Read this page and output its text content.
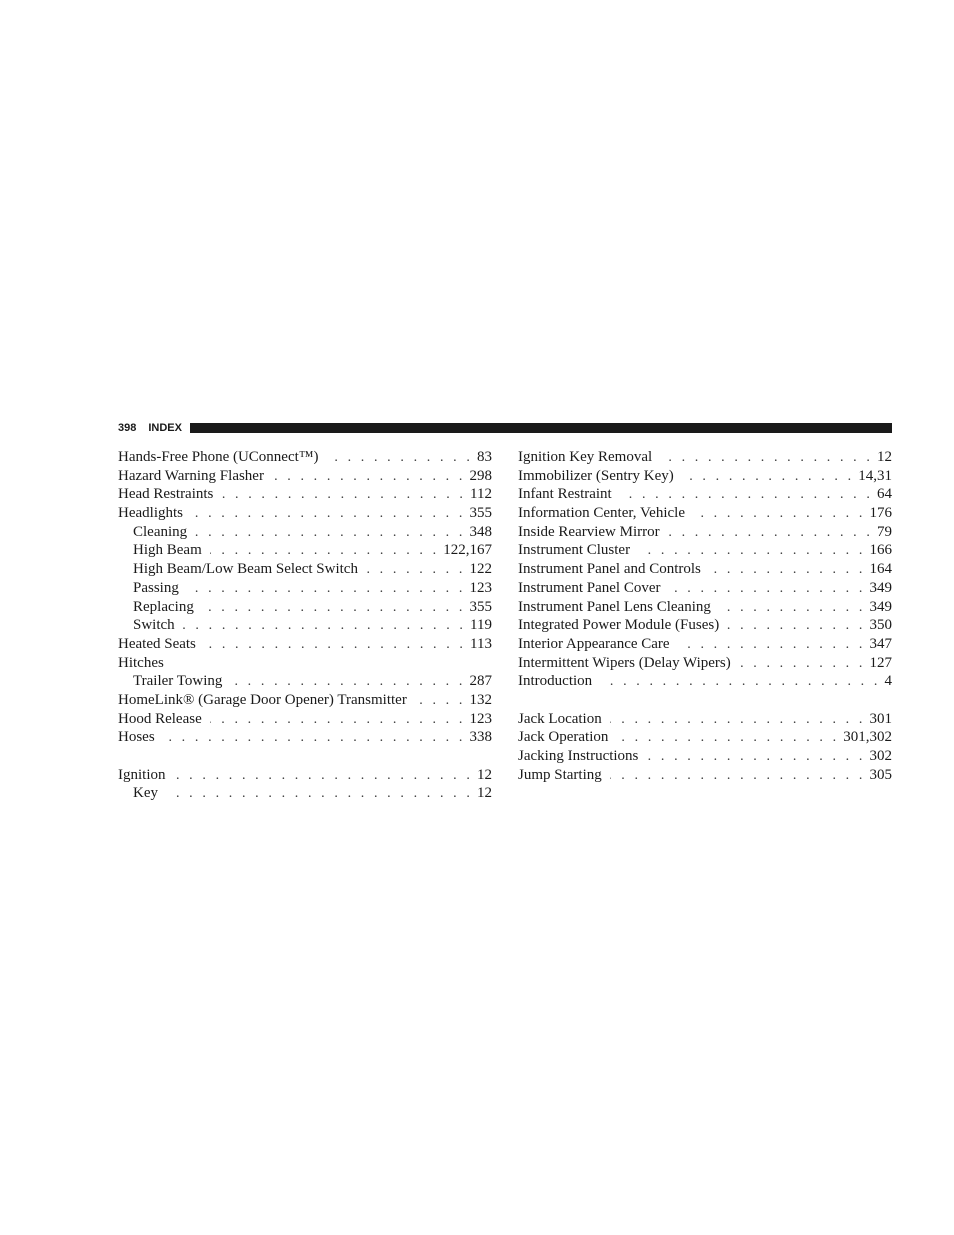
398 INDEX
Hands-Free Phone (UConnect™) . . .	83
Hazard Warning Flasher . . .	298
Head Restraints . . .	112
Headlights . . .	355
Cleaning . . .	348
High Beam . . .	122,167
High Beam/Low Beam Select Switch . . .	122
Passing . . .	123
Replacing . . .	355
Switch . . .	119
Heated Seats . . .	113
Hitches
Trailer Towing . . .	287
HomeLink® (Garage Door Opener) Transmitter . . .	132
Hood Release . . .	123
Hoses . . .	338
Ignition . . .	12
Key . . .	12
Ignition Key Removal . . .	12
Immobilizer (Sentry Key) . . .	14,31
Infant Restraint . . .	64
Information Center, Vehicle . . .	176
Inside Rearview Mirror . . .	79
Instrument Cluster . . .	166
Instrument Panel and Controls . . .	164
Instrument Panel Cover . . .	349
Instrument Panel Lens Cleaning . . .	349
Integrated Power Module (Fuses) . . .	350
Interior Appearance Care . . .	347
Intermittent Wipers (Delay Wipers) . . .	127
Introduction . . .	4
Jack Location . . .	301
Jack Operation . . .	301,302
Jacking Instructions . . .	302
Jump Starting . . .	305
